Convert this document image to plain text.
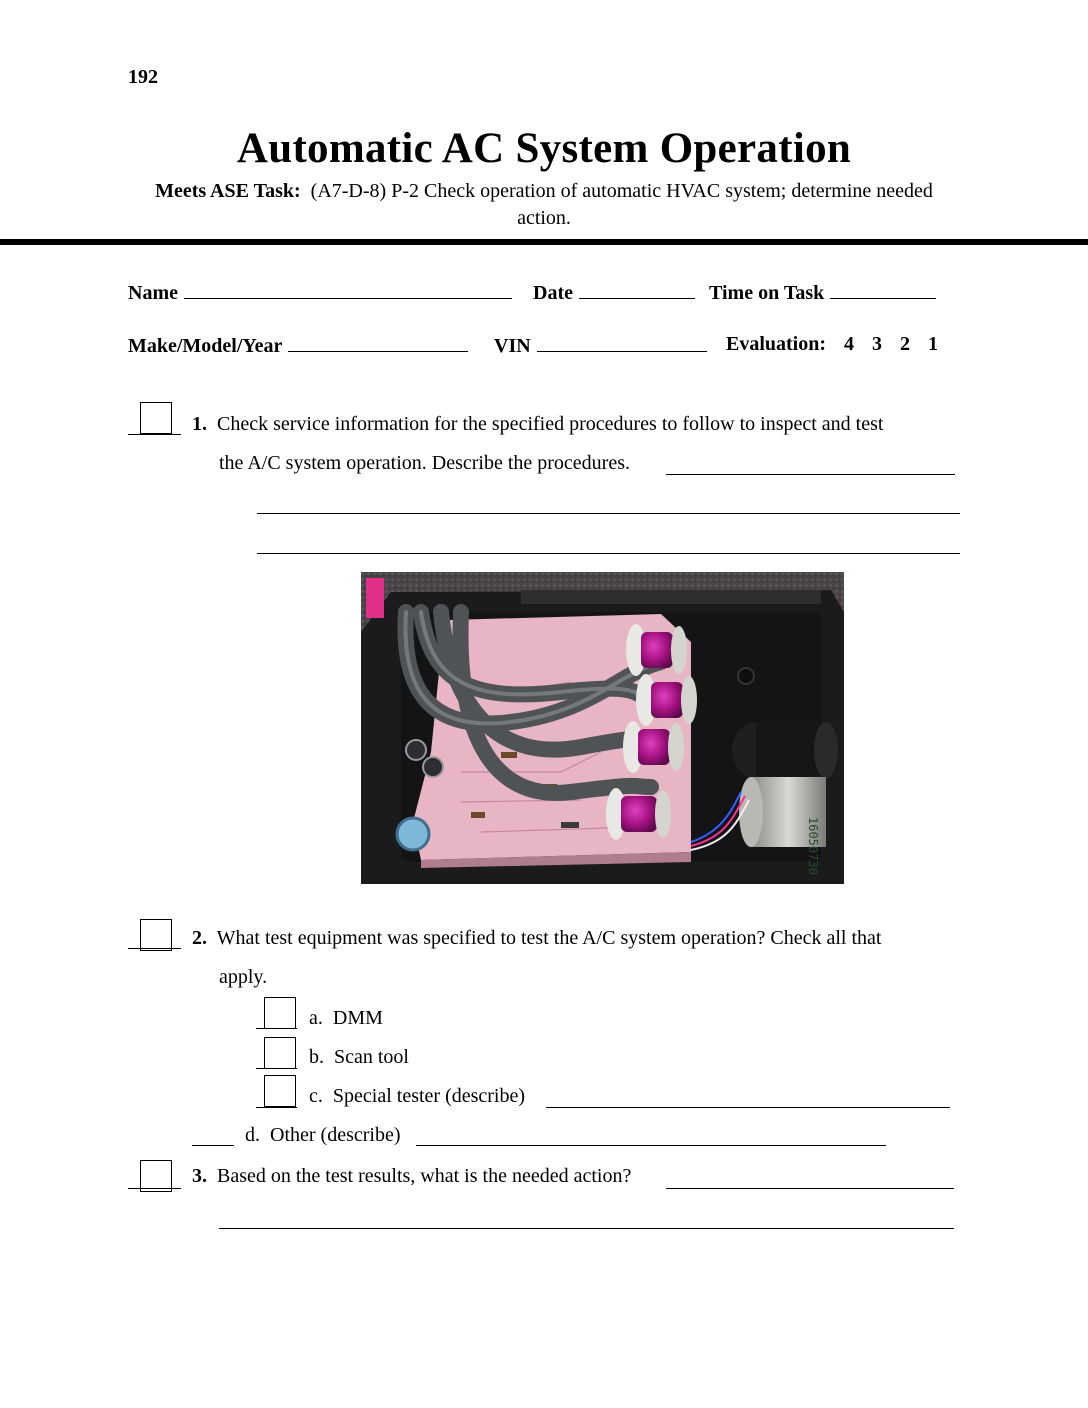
192
Automatic AC System Operation
Meets ASE Task: (A7-D-8) P-2 Check operation of automatic HVAC system; determine needed action.
Name	Date	Time on Task
Make/Model/Year	VIN	Evaluation: 4 3 2 1
1. Check service information for the specified procedures to follow to inspect and test
the A/C system operation. Describe the procedures.
16050730
2. What test equipment was specified to test the A/C system operation? Check all that
apply.
a. DMM
b. Scan tool
c. Special tester (describe)
d. Other (describe)
3. Based on the test results, what is the needed action?
